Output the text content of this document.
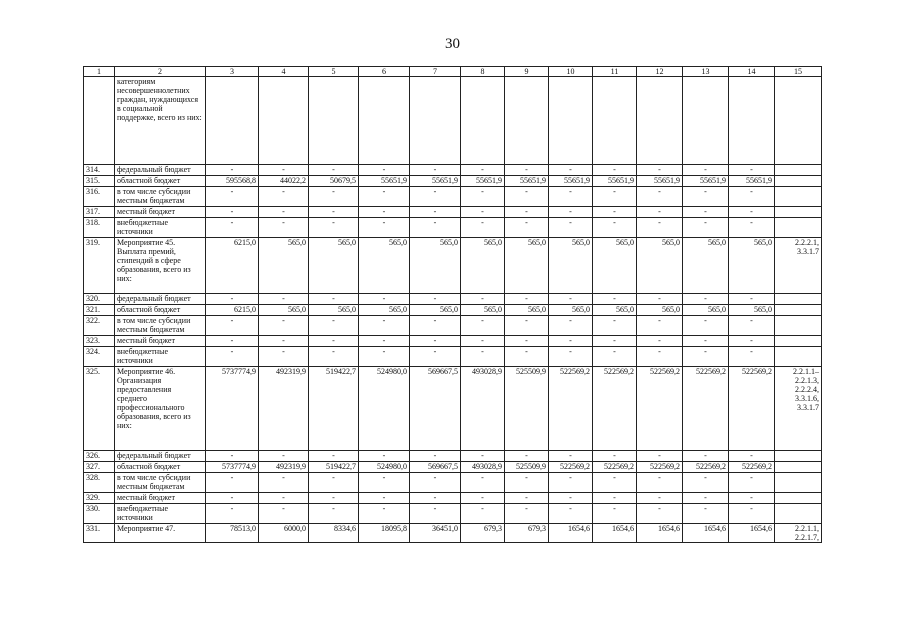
30
1	2	3	4	5	6	7	8	9	10	11	12	13	14	15
	категориям несовершеннолетних граждан, нуждающихся в социальной поддержке, всего из них:													
314.	федеральный бюджет	-	-	-	-	-	-	-	-	-	-	-	-	
315.	областной бюджет	595568,8	44022,2	50679,5	55651,9	55651,9	55651,9	55651,9	55651,9	55651,9	55651,9	55651,9	55651,9	
316.	в том числе субсидии местным бюджетам	-	-	-	-	-	-	-	-	-	-	-	-	
317.	местный бюджет	-	-	-	-	-	-	-	-	-	-	-	-	
318.	внебюджетные источники	-	-	-	-	-	-	-	-	-	-	-	-	
319.	Мероприятие 45. Выплата премий, стипендий в сфере образования, всего из них:	6215,0	565,0	565,0	565,0	565,0	565,0	565,0	565,0	565,0	565,0	565,0	565,0	2.2.2.1, 3.3.1.7
320.	федеральный бюджет	-	-	-	-	-	-	-	-	-	-	-	-	
321.	областной бюджет	6215,0	565,0	565,0	565,0	565,0	565,0	565,0	565,0	565,0	565,0	565,0	565,0	
322.	в том числе субсидии местным бюджетам	-	-	-	-	-	-	-	-	-	-	-	-	
323.	местный бюджет	-	-	-	-	-	-	-	-	-	-	-	-	
324.	внебюджетные источники	-	-	-	-	-	-	-	-	-	-	-	-	
325.	Мероприятие 46. Организация предоставления среднего профессионального образования, всего из них:	5737774,9	492319,9	519422,7	524980,0	569667,5	493028,9	525509,9	522569,2	522569,2	522569,2	522569,2	522569,2	2.2.1.1–2.2.1.3, 2.2.2.4, 3.3.1.6, 3.3.1.7
326.	федеральный бюджет	-	-	-	-	-	-	-	-	-	-	-	-	
327.	областной бюджет	5737774,9	492319,9	519422,7	524980,0	569667,5	493028,9	525509,9	522569,2	522569,2	522569,2	522569,2	522569,2	
328.	в том числе субсидии местным бюджетам	-	-	-	-	-	-	-	-	-	-	-	-	
329.	местный бюджет	-	-	-	-	-	-	-	-	-	-	-	-	
330.	внебюджетные источники	-	-	-	-	-	-	-	-	-	-	-	-	
331.	Мероприятие 47.	78513,0	6000,0	8334,6	18095,8	36451,0	679,3	679,3	1654,6	1654,6	1654,6	1654,6	1654,6	2.2.1.1, 2.2.1.7,
